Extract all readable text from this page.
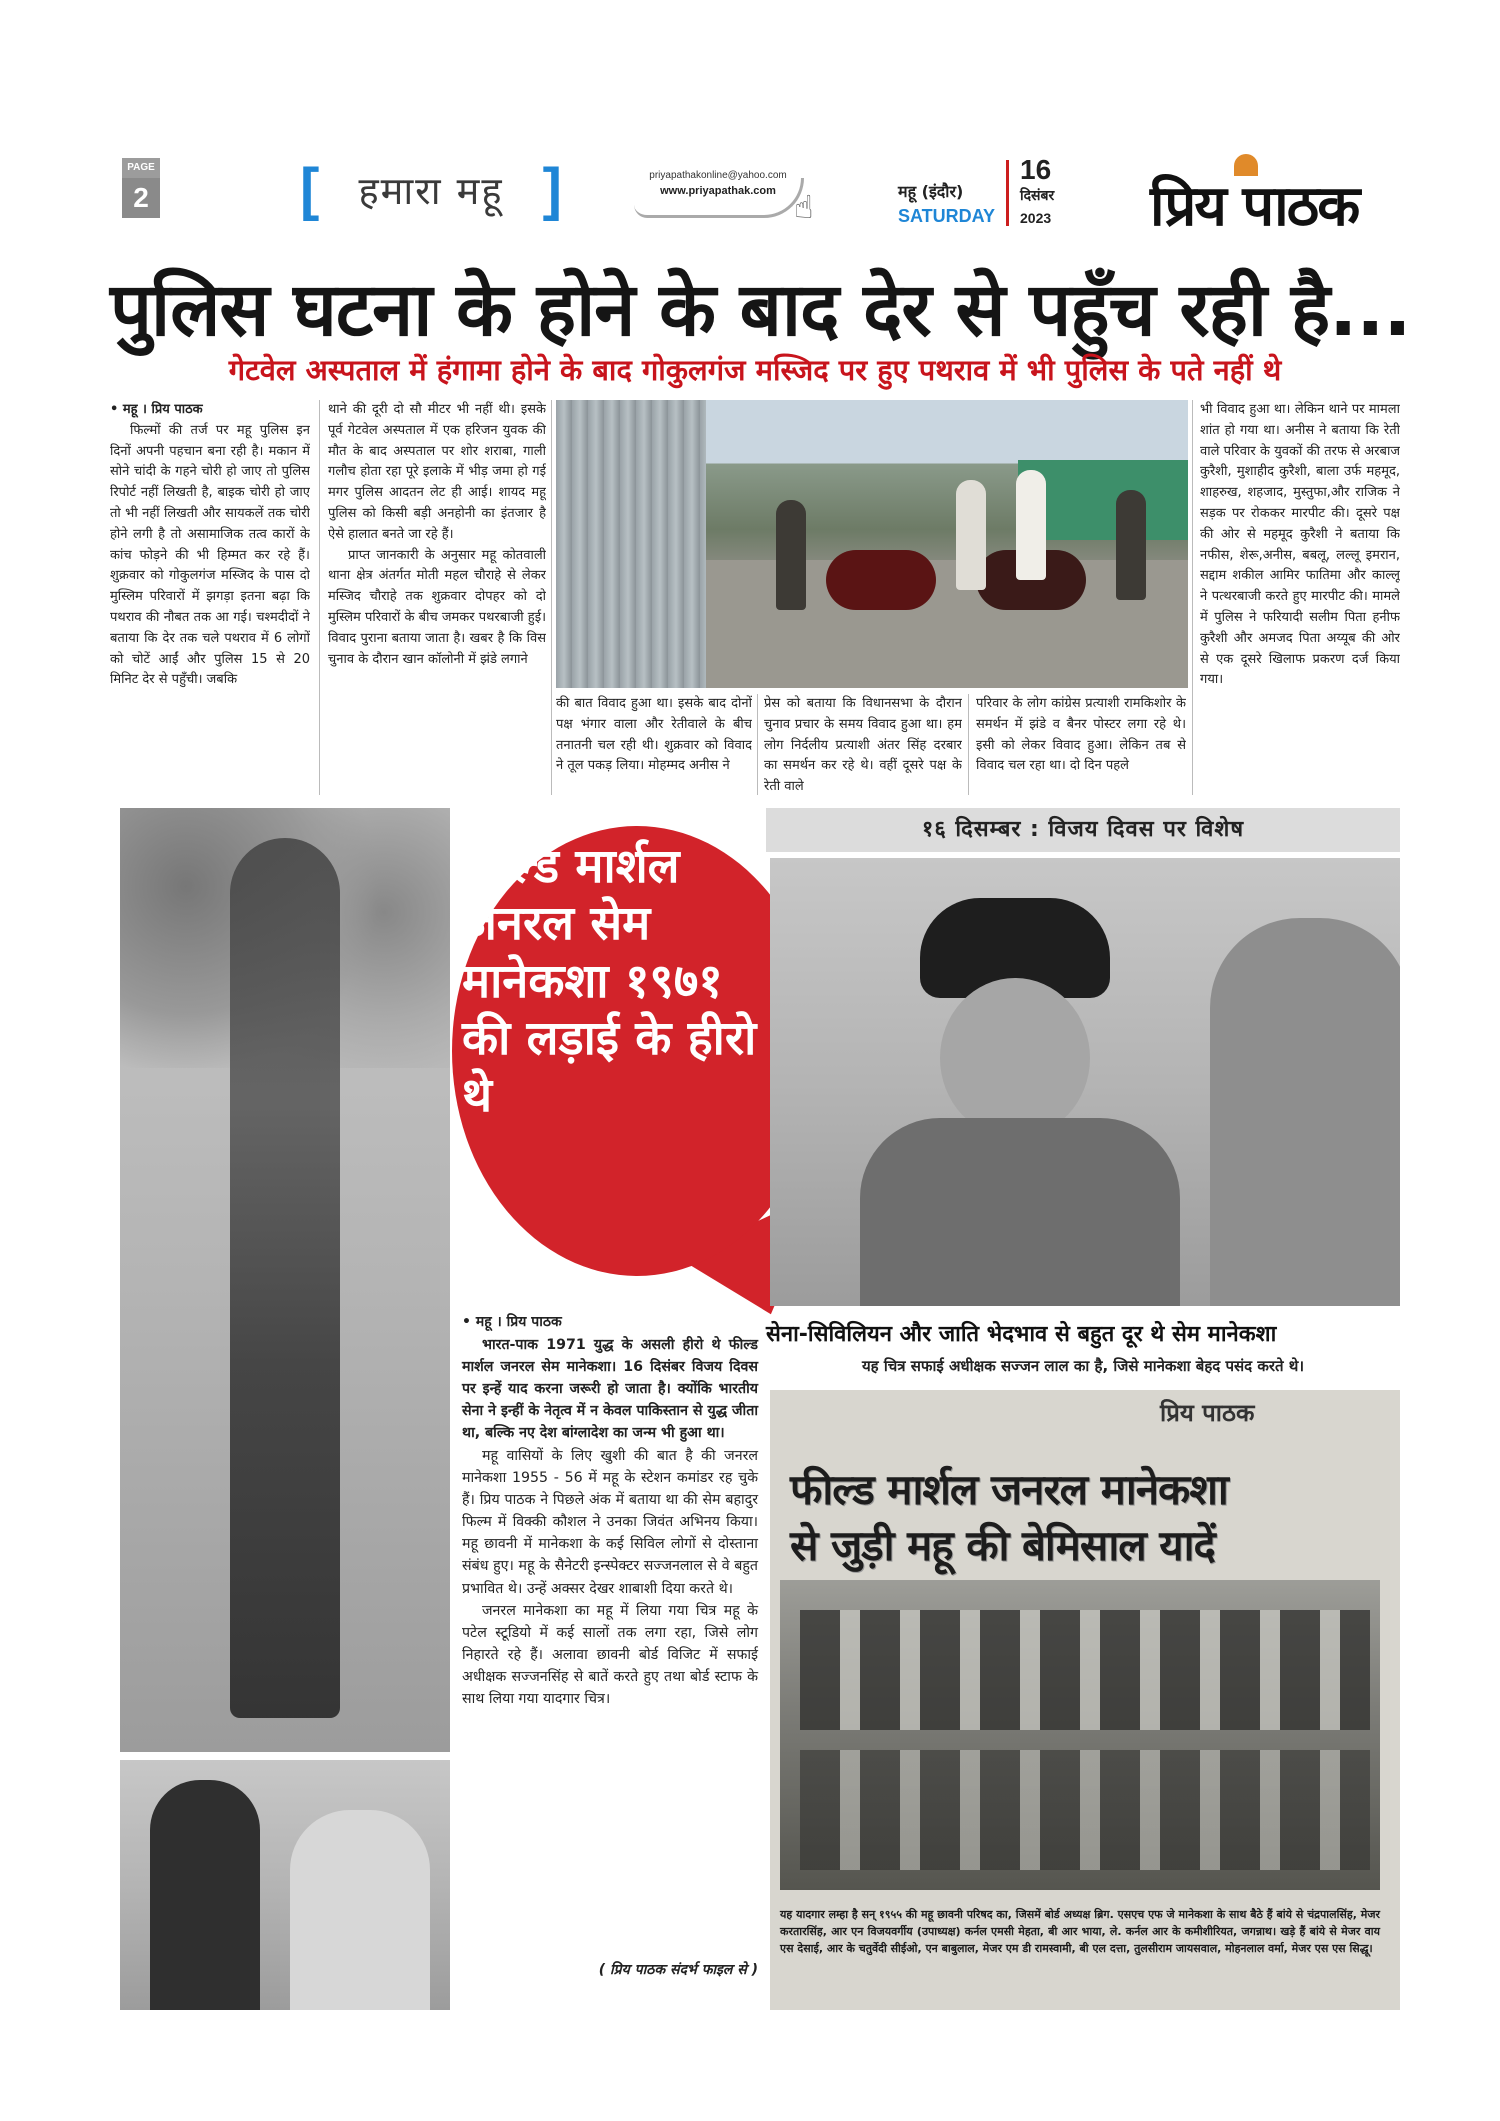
PAGE
2	[	हमारा महू ]	priyapathakonline@yahoo.com
www.priyapathak.com ☝	महू (इंदौर)
SATURDAY
16
दिसंबर
2023 प्रिय पाठक
पुलिस घटना के होने के बाद देर से पहुँच रही है...
गेटवेल अस्पताल में हंगामा होने के बाद गोकुलगंज मस्जिद पर हुए पथराव में भी पुलिस के पते नहीं थे
• महू । प्रिय पाठक

फिल्मों की तर्ज पर महू पुलिस इन दिनों अपनी पहचान बना रही है। मकान में सोने चांदी के गहने चोरी हो जाए तो पुलिस रिपोर्ट नहीं लिखती है, बाइक चोरी हो जाए तो भी नहीं लिखती और सायकलें तक चोरी होने लगी है तो असामाजिक तत्व कारों के कांच फोड़ने की भी हिम्मत कर रहे हैं। शुक्रवार को गोकुलगंज मस्जिद के पास दो मुस्लिम परिवारों में झगड़ा इतना बढ़ा कि पथराव की नौबत तक आ गई। चश्मदीदों ने बताया कि देर तक चले पथराव में 6 लोगों को चोटें आईं और पुलिस 15 से 20 मिनिट देर से पहुँची। जबकि

थाने की दूरी दो सौ मीटर भी नहीं थी। इसके पूर्व गेटवेल अस्पताल में एक हरिजन युवक की मौत के बाद अस्पताल पर शोर शराबा, गाली गलौच होता रहा पूरे इलाके में भीड़ जमा हो गई मगर पुलिस आदतन लेट ही आई। शायद महू पुलिस को किसी बड़ी अनहोनी का इंतजार है ऐसे हालात बनते जा रहे हैं।

प्राप्त जानकारी के अनुसार महू कोतवाली थाना क्षेत्र अंतर्गत मोती महल चौराहे से लेकर मस्जिद चौराहे तक शुक्रवार दोपहर को दो मुस्लिम परिवारों के बीच जमकर पथरबाजी हुई। विवाद पुराना बताया जाता है। खबर है कि विस चुनाव के दौरान खान कॉलोनी में झंडे लगाने

की बात विवाद हुआ था। इसके बाद दोनों पक्ष भंगार वाला और रेतीवाले के बीच तनातनी चल रही थी। शुक्रवार को विवाद ने तूल पकड़ लिया। मोहम्मद अनीस ने

प्रेस को बताया कि विधानसभा के दौरान चुनाव प्रचार के समय विवाद हुआ था। हम लोग निर्दलीय प्रत्याशी अंतर सिंह दरबार का समर्थन कर रहे थे। वहीं दूसरे पक्ष के रेती वाले

परिवार के लोग कांग्रेस प्रत्याशी रामकिशोर के समर्थन में झंडे व बैनर पोस्टर लगा रहे थे। इसी को लेकर विवाद हुआ। लेकिन तब से विवाद चल रहा था। दो दिन पहले

भी विवाद हुआ था। लेकिन थाने पर मामला शांत हो गया था। अनीस ने बताया कि रेती वाले परिवार के युवकों की तरफ से अरबाज कुरैशी, मुशाहीद कुरैशी, बाला उर्फ महमूद, शाहरुख, शहजाद, मुस्तुफा,और राजिक ने सड़क पर रोककर मारपीट की। दूसरे पक्ष की ओर से महमूद कुरैशी ने बताया कि नफीस, शेरू,अनीस, बबलू, लल्लू इमरान, सद्दाम शकील आमिर फातिमा और काल्लू ने पत्थरबाजी करते हुए मारपीट की। मामले में पुलिस ने फरियादी सलीम पिता हनीफ कुरैशी और अमजद पिता अय्यूब की ओर से एक दूसरे खिलाफ प्रकरण दर्ज किया गया।

फील्ड मार्शल जनरल सेम मानेकशा १९७१ की लड़ाई के हीरो थे
१६ दिसम्बर : विजय दिवस पर विशेष
सेना-सिविलियन और जाति भेदभाव से बहुत दूर थे सेम मानेकशा
यह चित्र सफाई अधीक्षक सज्जन लाल का है, जिसे मानेकशा बेहद पसंद करते थे।
प्रिय पाठक
फील्ड मार्शल जनरल मानेकशा
से जुड़ी महू की बेमिसाल यादें
यह यादगार लम्हा है सन् १९५५ की महू छावनी परिषद का, जिसमें बोर्ड अध्यक्ष ब्रिग. एसएच एफ जे मानेकशा के साथ बैठे हैं बांये से चंद्रपालसिंह, मेजर करतारसिंह, आर एन विजयवर्गीय (उपाध्यक्ष) कर्नल एमसी मेहता, बी आर भाया, ले. कर्नल आर के कमीशीरियत, जगन्नाथ। खड़े हैं बांये से मेजर वाय एस देसाई, आर के चतुर्वेदी सीईओ, एन बाबुलाल, मेजर एम डी रामस्वामी, बी एल दत्ता, तुलसीराम जायसवाल, मोहनलाल वर्मा, मेजर एस एस सिद्धू।
• महू । प्रिय पाठक

भारत-पाक 1971 युद्ध के असली हीरो थे फील्ड मार्शल जनरल सेम मानेकशा। 16 दिसंबर विजय दिवस पर इन्हें याद करना जरूरी हो जाता है। क्योंकि भारतीय सेना ने इन्हीं के नेतृत्व में न केवल पाकिस्तान से युद्ध जीता था, बल्कि नए देश बांग्लादेश का जन्म भी हुआ था।

महू वासियों के लिए खुशी की बात है की जनरल मानेकशा 1955 - 56 में महू के स्टेशन कमांडर रह चुके हैं। प्रिय पाठक ने पिछले अंक में बताया था की सेम बहादुर फिल्म में विक्की कौशल ने उनका जिवंत अभिनय किया। महू छावनी में मानेकशा के कई सिविल लोगों से दोस्ताना संबंध हुए। महू के सैनेटरी इन्स्पेक्टर सज्जनलाल से वे बहुत प्रभावित थे। उन्हें अक्सर देखर शाबाशी दिया करते थे।

जनरल मानेकशा का महू में लिया गया चित्र महू के पटेल स्टूडियो में कई सालों तक लगा रहा, जिसे लोग निहारते रहे हैं। अलावा छावनी बोर्ड विजिट में सफाई अधीक्षक सज्जनसिंह से बातें करते हुए तथा बोर्ड स्टाफ के साथ लिया गया यादगार चित्र।

( प्रिय पाठक संदर्भ फाइल से )
